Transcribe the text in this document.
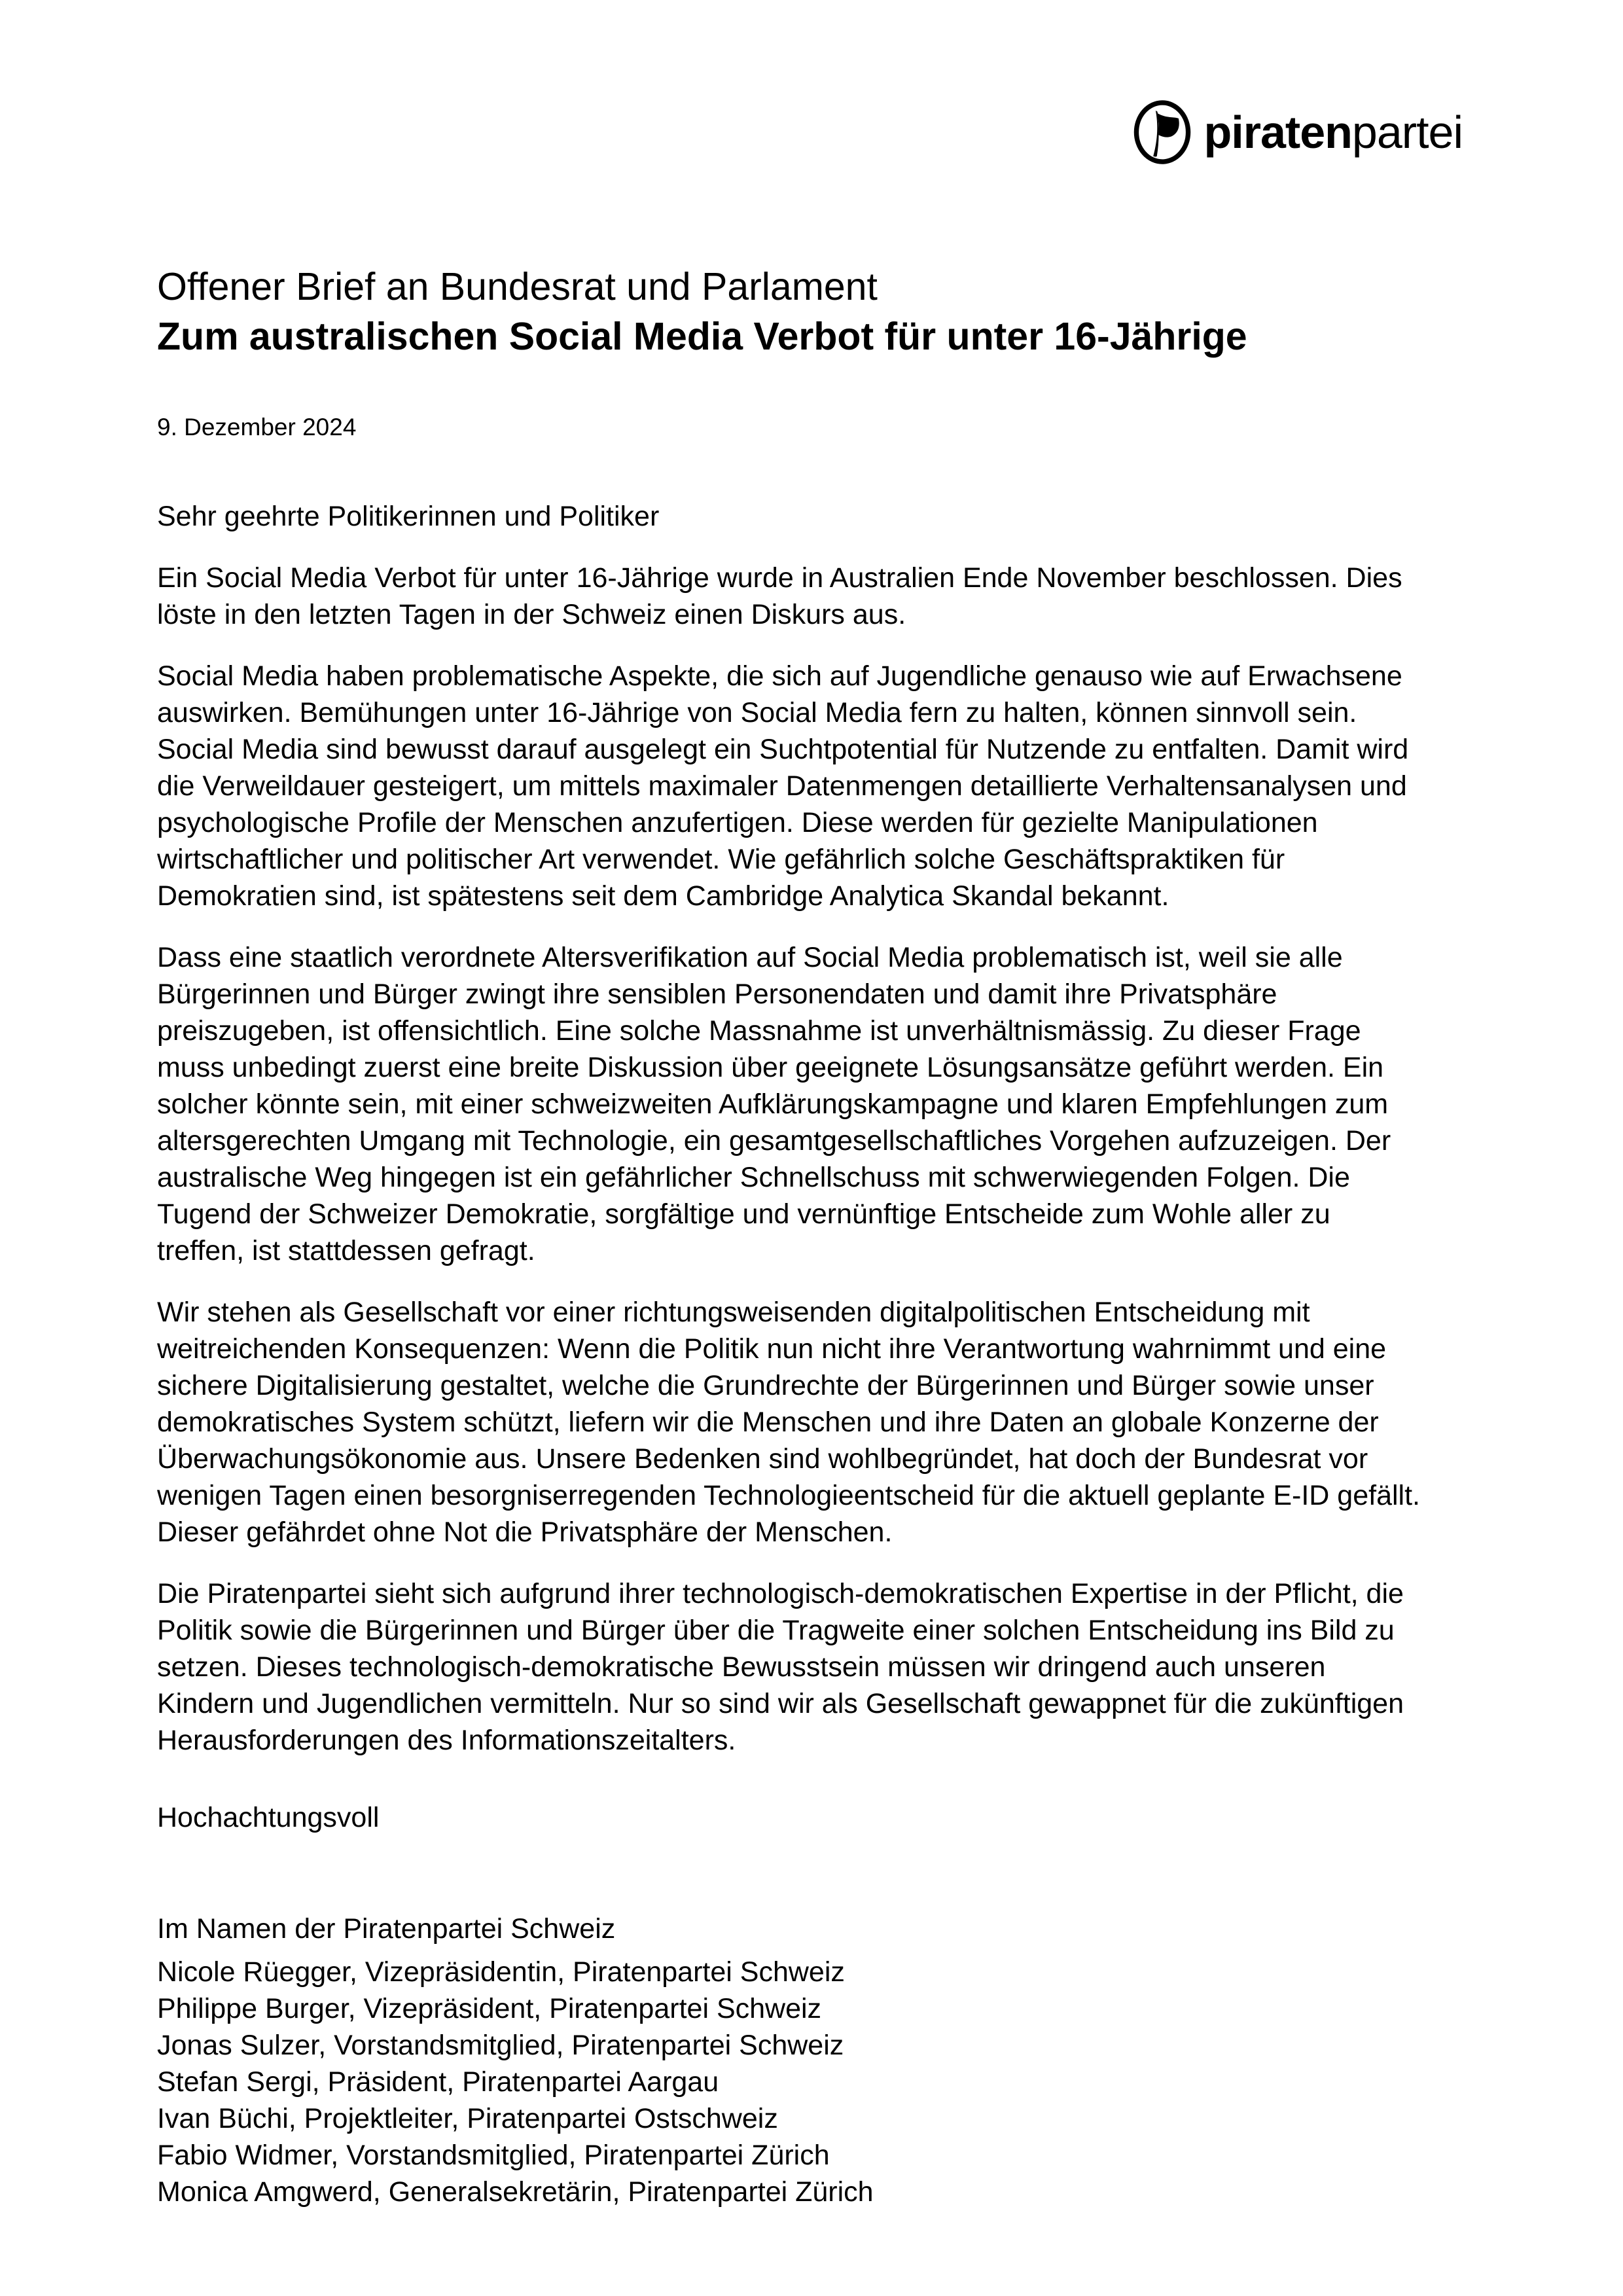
piratenpartei
Offener Brief an Bundesrat und Parlament
Zum australischen Social Media Verbot für unter 16-Jährige
9. Dezember 2024
Sehr geehrte Politikerinnen und Politiker

Ein Social Media Verbot für unter 16-Jährige wurde in Australien Ende November beschlossen. Dies löste in den letzten Tagen in der Schweiz einen Diskurs aus.

Social Media haben problematische Aspekte, die sich auf Jugendliche genauso wie auf Erwachsene auswirken. Bemühungen unter 16-Jährige von Social Media fern zu halten, können sinnvoll sein. Social Media sind bewusst darauf ausgelegt ein Suchtpotential für Nutzende zu entfalten. Damit wird die Verweildauer gesteigert, um mittels maximaler Datenmengen detaillierte Verhaltensanalysen und psychologische Profile der Menschen anzufertigen. Diese werden für gezielte Manipulationen wirtschaftlicher und politischer Art verwendet. Wie gefährlich solche Geschäftspraktiken für Demokratien sind, ist spätestens seit dem Cambridge Analytica Skandal bekannt.

Dass eine staatlich verordnete Altersverifikation auf Social Media problematisch ist, weil sie alle Bürgerinnen und Bürger zwingt ihre sensiblen Personendaten und damit ihre Privatsphäre preiszugeben, ist offensichtlich. Eine solche Massnahme ist unverhältnismässig. Zu dieser Frage muss unbedingt zuerst eine breite Diskussion über geeignete Lösungsansätze geführt werden. Ein solcher könnte sein, mit einer schweizweiten Aufklärungskampagne und klaren Empfehlungen zum altersgerechten Umgang mit Technologie, ein gesamtgesellschaftliches Vorgehen aufzuzeigen. Der australische Weg hingegen ist ein gefährlicher Schnellschuss mit schwerwiegenden Folgen. Die Tugend der Schweizer Demokratie, sorgfältige und vernünftige Entscheide zum Wohle aller zu treffen, ist stattdessen gefragt.

Wir stehen als Gesellschaft vor einer richtungsweisenden digitalpolitischen Entscheidung mit weitreichenden Konsequenzen: Wenn die Politik nun nicht ihre Verantwortung wahrnimmt und eine sichere Digitalisierung gestaltet, welche die Grundrechte der Bürgerinnen und Bürger sowie unser demokratisches System schützt, liefern wir die Menschen und ihre Daten an globale Konzerne der Überwachungsökonomie aus. Unsere Bedenken sind wohlbegründet, hat doch der Bundesrat vor wenigen Tagen einen besorgniserregenden Technologieentscheid für die aktuell geplante E-ID gefällt. Dieser gefährdet ohne Not die Privatsphäre der Menschen.

Die Piratenpartei sieht sich aufgrund ihrer technologisch-demokratischen Expertise in der Pflicht, die Politik sowie die Bürgerinnen und Bürger über die Tragweite einer solchen Entscheidung ins Bild zu setzen. Dieses technologisch-demokratische Bewusstsein müssen wir dringend auch unseren Kindern und Jugendlichen vermitteln. Nur so sind wir als Gesellschaft gewappnet für die zukünftigen Herausforderungen des Informationszeitalters.

Hochachtungsvoll
Im Namen der Piratenpartei Schweiz
Nicole Rüegger, Vizepräsidentin, Piratenpartei Schweiz
Philippe Burger, Vizepräsident, Piratenpartei Schweiz
Jonas Sulzer, Vorstandsmitglied, Piratenpartei Schweiz
Stefan Sergi, Präsident, Piratenpartei Aargau
Ivan Büchi, Projektleiter, Piratenpartei Ostschweiz
Fabio Widmer, Vorstandsmitglied, Piratenpartei Zürich
Monica Amgwerd, Generalsekretärin, Piratenpartei Zürich
